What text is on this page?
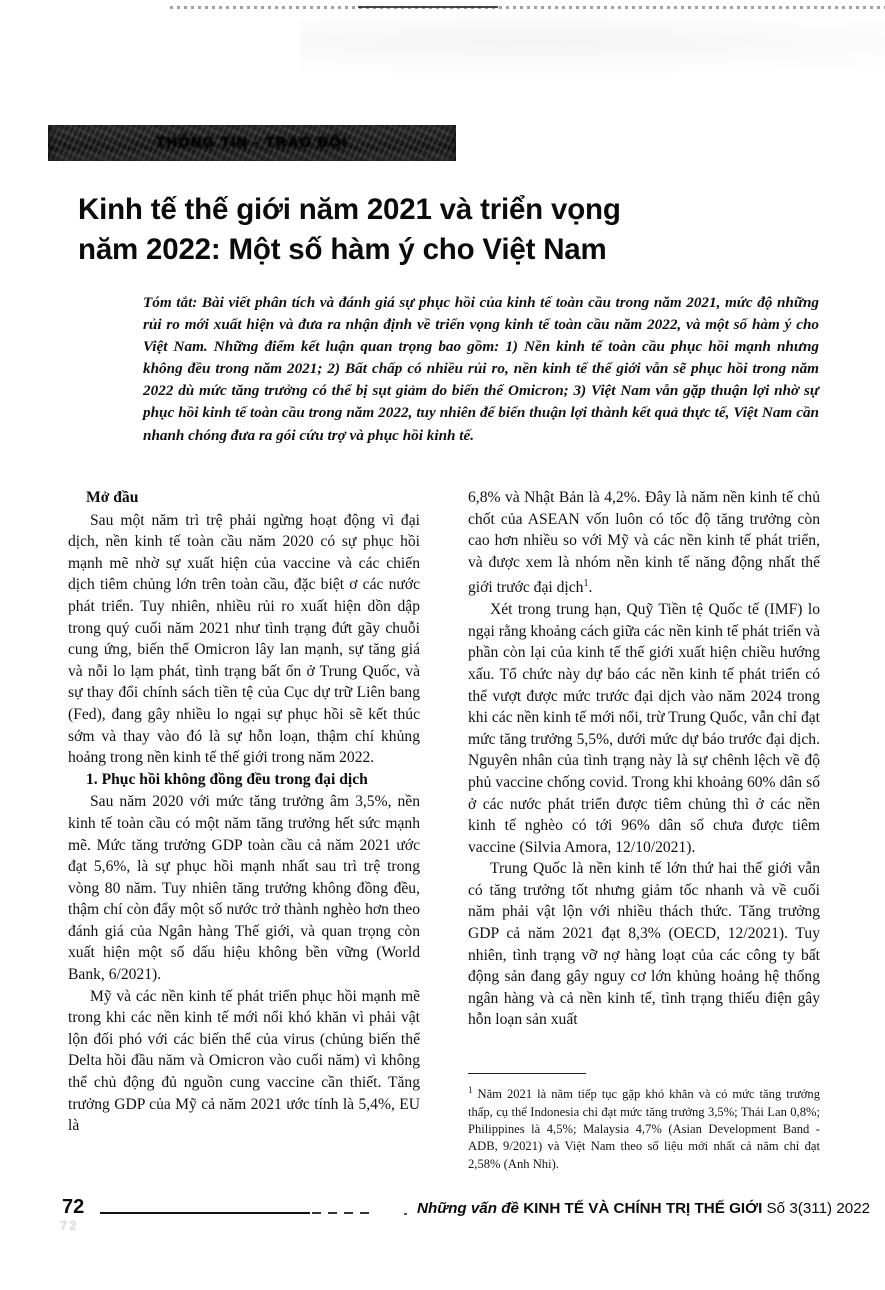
THÔNG TIN - TRAO ĐỔI
Kinh tế thế giới năm 2021 và triển vọng
năm 2022: Một số hàm ý cho Việt Nam
Tóm tắt: Bài viết phân tích và đánh giá sự phục hồi của kinh tế toàn cầu trong năm 2021, mức độ những rủi ro mới xuất hiện và đưa ra nhận định về triển vọng kinh tế toàn cầu năm 2022, và một số hàm ý cho Việt Nam. Những điểm kết luận quan trọng bao gồm: 1) Nền kinh tế toàn cầu phục hồi mạnh nhưng không đều trong năm 2021; 2) Bất chấp có nhiều rủi ro, nền kinh tế thế giới vẫn sẽ phục hồi trong năm 2022 dù mức tăng trưởng có thể bị sụt giảm do biến thể Omicron; 3) Việt Nam vẫn gặp thuận lợi nhờ sự phục hồi kinh tế toàn cầu trong năm 2022, tuy nhiên để biến thuận lợi thành kết quả thực tế, Việt Nam cần nhanh chóng đưa ra gói cứu trợ và phục hồi kinh tế.
Mở đầu

Sau một năm trì trệ phải ngừng hoạt động vì đại dịch, nền kinh tế toàn cầu năm 2020 có sự phục hồi mạnh mẽ nhờ sự xuất hiện của vaccine và các chiến dịch tiêm chủng lớn trên toàn cầu, đặc biệt ơ các nước phát triển. Tuy nhiên, nhiều rủi ro xuất hiện dồn dập trong quý cuối năm 2021 như tình trạng đứt gãy chuỗi cung ứng, biến thể Omicron lây lan mạnh, sự tăng giá và nỗi lo lạm phát, tình trạng bất ổn ở Trung Quốc, và sự thay đổi chính sách tiền tệ của Cục dự trữ Liên bang (Fed), đang gây nhiều lo ngại sự phục hồi sẽ kết thúc sớm và thay vào đó là sự hỗn loạn, thậm chí khủng hoảng trong nền kinh tế thế giới trong năm 2022.

1. Phục hồi không đồng đều trong đại dịch

Sau năm 2020 với mức tăng trưởng âm 3,5%, nền kinh tế toàn cầu có một năm tăng trưởng hết sức mạnh mẽ. Mức tăng trưởng GDP toàn cầu cả năm 2021 ước đạt 5,6%, là sự phục hồi mạnh nhất sau trì trệ trong vòng 80 năm. Tuy nhiên tăng trưởng không đồng đều, thậm chí còn đẩy một số nước trở thành nghèo hơn theo đánh giá của Ngân hàng Thế giới, và quan trọng còn xuất hiện một số dấu hiệu không bền vững (World Bank, 6/2021).

Mỹ và các nền kinh tế phát triển phục hồi mạnh mẽ trong khi các nền kinh tế mới nổi khó khăn vì phải vật lộn đối phó với các biến thể của virus (chủng biến thể Delta hồi đầu năm và Omicron vào cuối năm) vì không thể chủ động đủ nguồn cung vaccine cần thiết. Tăng trưởng GDP của Mỹ cả năm 2021 ước tính là 5,4%, EU là

6,8% và Nhật Bản là 4,2%. Đây là năm nền kinh tế chủ chốt của ASEAN vốn luôn có tốc độ tăng trưởng còn cao hơn nhiều so với Mỹ và các nền kinh tế phát triển, và được xem là nhóm nền kinh tế năng động nhất thế giới trước đại dịch$^1$.

Xét trong trung hạn, Quỹ Tiền tệ Quốc tế (IMF) lo ngại rằng khoảng cách giữa các nền kinh tế phát triển và phần còn lại của kinh tế thế giới xuất hiện chiều hướng xấu. Tổ chức này dự báo các nền kinh tế phát triển có thể vượt được mức trước đại dịch vào năm 2024 trong khi các nền kinh tế mới nổi, trừ Trung Quốc, vẫn chỉ đạt mức tăng trưởng 5,5%, dưới mức dự báo trước đại dịch. Nguyên nhân của tình trạng này là sự chênh lệch về độ phủ vaccine chống covid. Trong khi khoảng 60% dân số ở các nước phát triển được tiêm chủng thì ở các nền kinh tế nghèo có tới 96% dân số chưa được tiêm vaccine (Silvia Amora, 12/10/2021).

Trung Quốc là nền kinh tế lớn thứ hai thế giới vẫn có tăng trưởng tốt nhưng giảm tốc nhanh và về cuối năm phải vật lộn với nhiều thách thức. Tăng trưởng GDP cả năm 2021 đạt 8,3% (OECD, 12/2021). Tuy nhiên, tình trạng vỡ nợ hàng loạt của các công ty bất động sản đang gây nguy cơ lớn khủng hoảng hệ thống ngân hàng và cả nền kinh tế, tình trạng thiếu điện gây hỗn loạn sản xuất

$^1$ Năm 2021 là năm tiếp tục gặp khó khăn và có mức tăng trưởng thấp, cụ thể Indonesia chỉ đạt mức tăng trưởng 3,5%; Thái Lan 0,8%; Philippines là 4,5%; Malaysia 4,7% (Asian Development Band - ADB, 9/2021) và Việt Nam theo số liệu mới nhất cả năm chỉ đạt 2,58% (Anh Nhi).
72
72
Những vấn đề KINH TẾ VÀ CHÍNH TRỊ THẾ GIỚI Số 3(311) 2022
